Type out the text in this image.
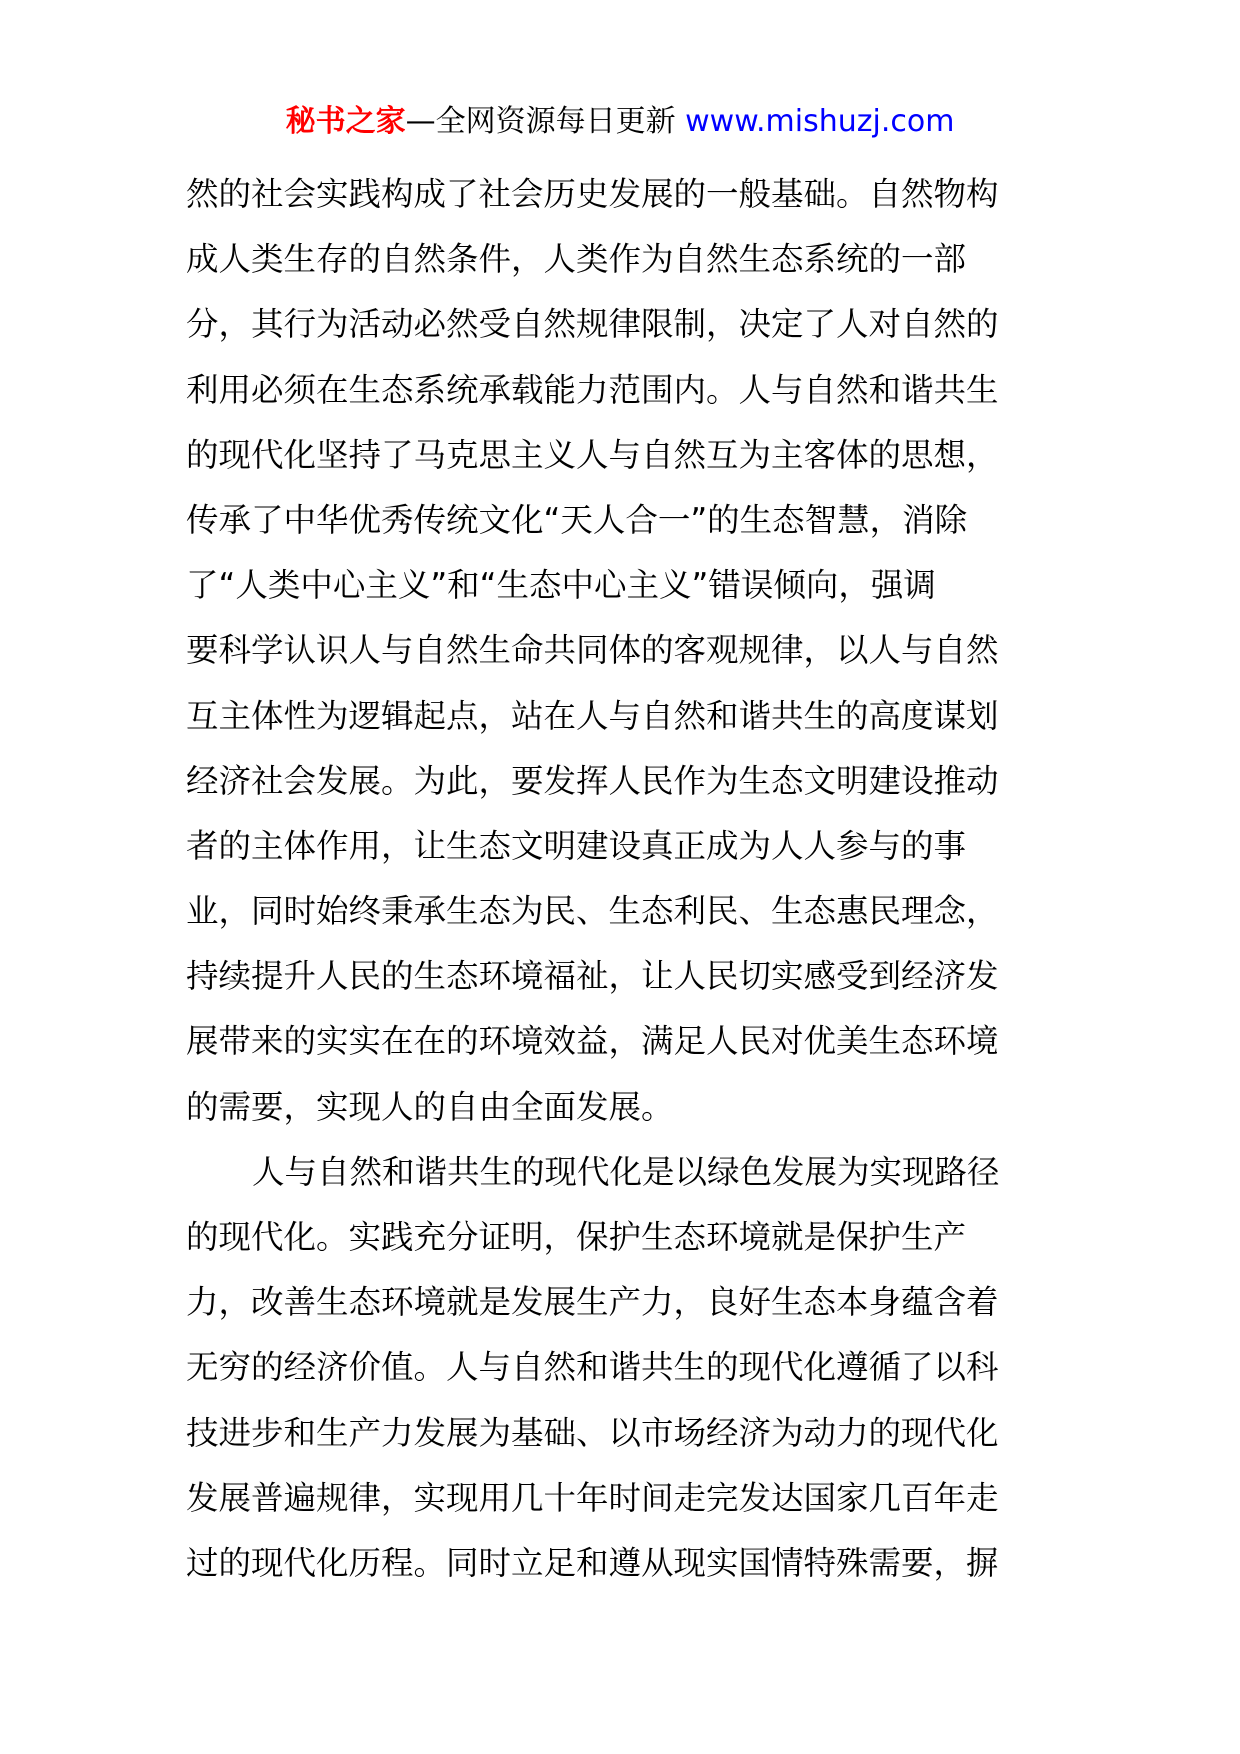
秘书之家—全网资源每日更新 www.mishuzj.com
然的社会实践构成了社会历史发展的一般基础。自然物构
成人类生存的自然条件，人类作为自然生态系统的一部
分，其行为活动必然受自然规律限制，决定了人对自然的
利用必须在生态系统承载能力范围内。人与自然和谐共生
的现代化坚持了马克思主义人与自然互为主客体的思想，
传承了中华优秀传统文化“天人合一”的生态智慧，消除
了“人类中心主义”和“生态中心主义”错误倾向，强调
要科学认识人与自然生命共同体的客观规律，以人与自然
互主体性为逻辑起点，站在人与自然和谐共生的高度谋划
经济社会发展。为此，要发挥人民作为生态文明建设推动
者的主体作用，让生态文明建设真正成为人人参与的事
业，同时始终秉承生态为民、生态利民、生态惠民理念，
持续提升人民的生态环境福祉，让人民切实感受到经济发
展带来的实实在在的环境效益，满足人民对优美生态环境
的需要，实现人的自由全面发展。
人与自然和谐共生的现代化是以绿色发展为实现路径
的现代化。实践充分证明，保护生态环境就是保护生产
力，改善生态环境就是发展生产力，良好生态本身蕴含着
无穷的经济价值。人与自然和谐共生的现代化遵循了以科
技进步和生产力发展为基础、以市场经济为动力的现代化
发展普遍规律，实现用几十年时间走完发达国家几百年走
过的现代化历程。同时立足和遵从现实国情特殊需要，摒
